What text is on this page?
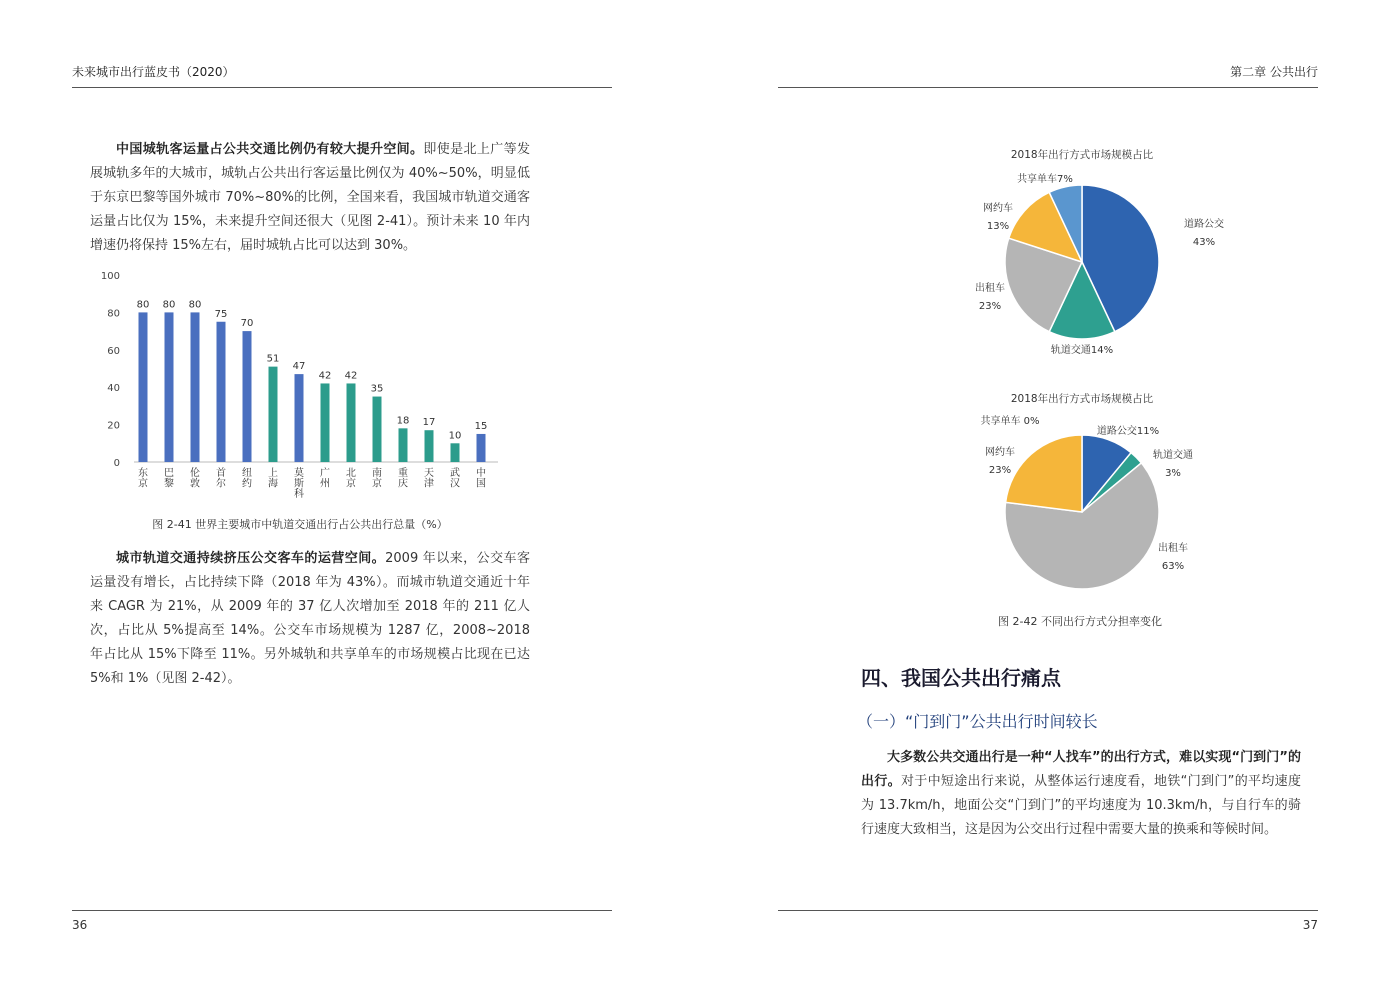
未来城市出行蓝皮书（2020）

中国城轨客运量占公共交通比例仍有较大提升空间。即使是北上广等发展城轨多年的大城市，城轨占公共出行客运量比例仅为 40%~50%，明显低于东京巴黎等国外城市 70%~80%的比例，全国来看，我国城市轨道交通客运量占比仅为 15%，未来提升空间还很大（见图 2-41）。预计未来 10 年内增速仍将保持 15%左右，届时城轨占比可以达到 30%。

0
20
40
60
80
100
80
东京
80
巴黎
80
伦敦
75
首尔
70
纽约
51
上海
47
莫斯科
42
广州
42
北京
35
南京
18
重庆
17
天津
10
武汉
15
中国
图 2-41 世界主要城市中轨道交通出行占公共出行总量（%）

城市轨道交通持续挤压公交客车的运营空间。2009 年以来，公交车客运量没有增长，占比持续下降（2018 年为 43%）。而城市轨道交通近十年来 CAGR 为 21%，从 2009 年的 37 亿人次增加至 2018 年的 211 亿人次，占比从 5%提高至 14%。公交车市场规模为 1287 亿，2008~2018 年占比从 15%下降至 11%。另外城轨和共享单车的市场规模占比现在已达 5%和 1%（见图 2-42）。

36
第二章 公共出行
2018年出行方式市场规模占比
道路公交 43%
轨道交通14%
出租车 23%
网约车 13%
共享单车7%
2018年出行方式市场规模占比
道路公交11%
轨道交通 3%
出租车 63%
网约车 23%
共享单车 0%
图 2-42 不同出行方式分担率变化
四、我国公共出行痛点
（一）“门到门”公共出行时间较长

大多数公共交通出行是一种“人找车”的出行方式，难以实现“门到门”的出行。对于中短途出行来说，从整体运行速度看，地铁“门到门”的平均速度为 13.7km/h，地面公交“门到门”的平均速度为 10.3km/h，与自行车的骑行速度大致相当，这是因为公交出行过程中需要大量的换乘和等候时间。

37
